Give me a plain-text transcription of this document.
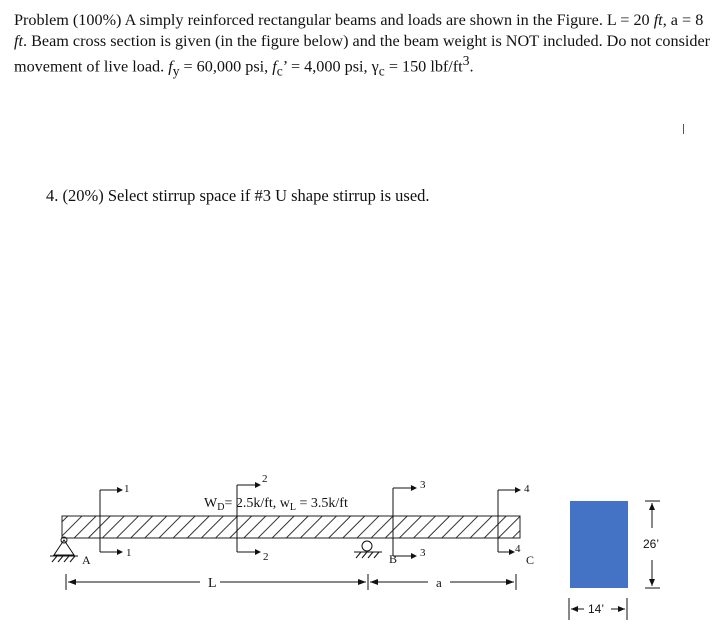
Problem (100%) A simply reinforced rectangular beams and loads are shown in the Figure. L = 20 ft, a = 8 ft. Beam cross section is given (in the figure below) and the beam weight is NOT included. Do not consider movement of live load. $f_y = 60,000$ psi, $f_c$’ = 4,000 psi, $\gamma_c = 150$ lbf/$ft^3$.

4. (20%) Select stirrup space if #3 U shape stirrup is used.

1
1
2
2
3
3
4
4
$W_D= 2.5k/ft$, $w_L = 3.5k/ft$
A	B	C
L	a
14’
26’
